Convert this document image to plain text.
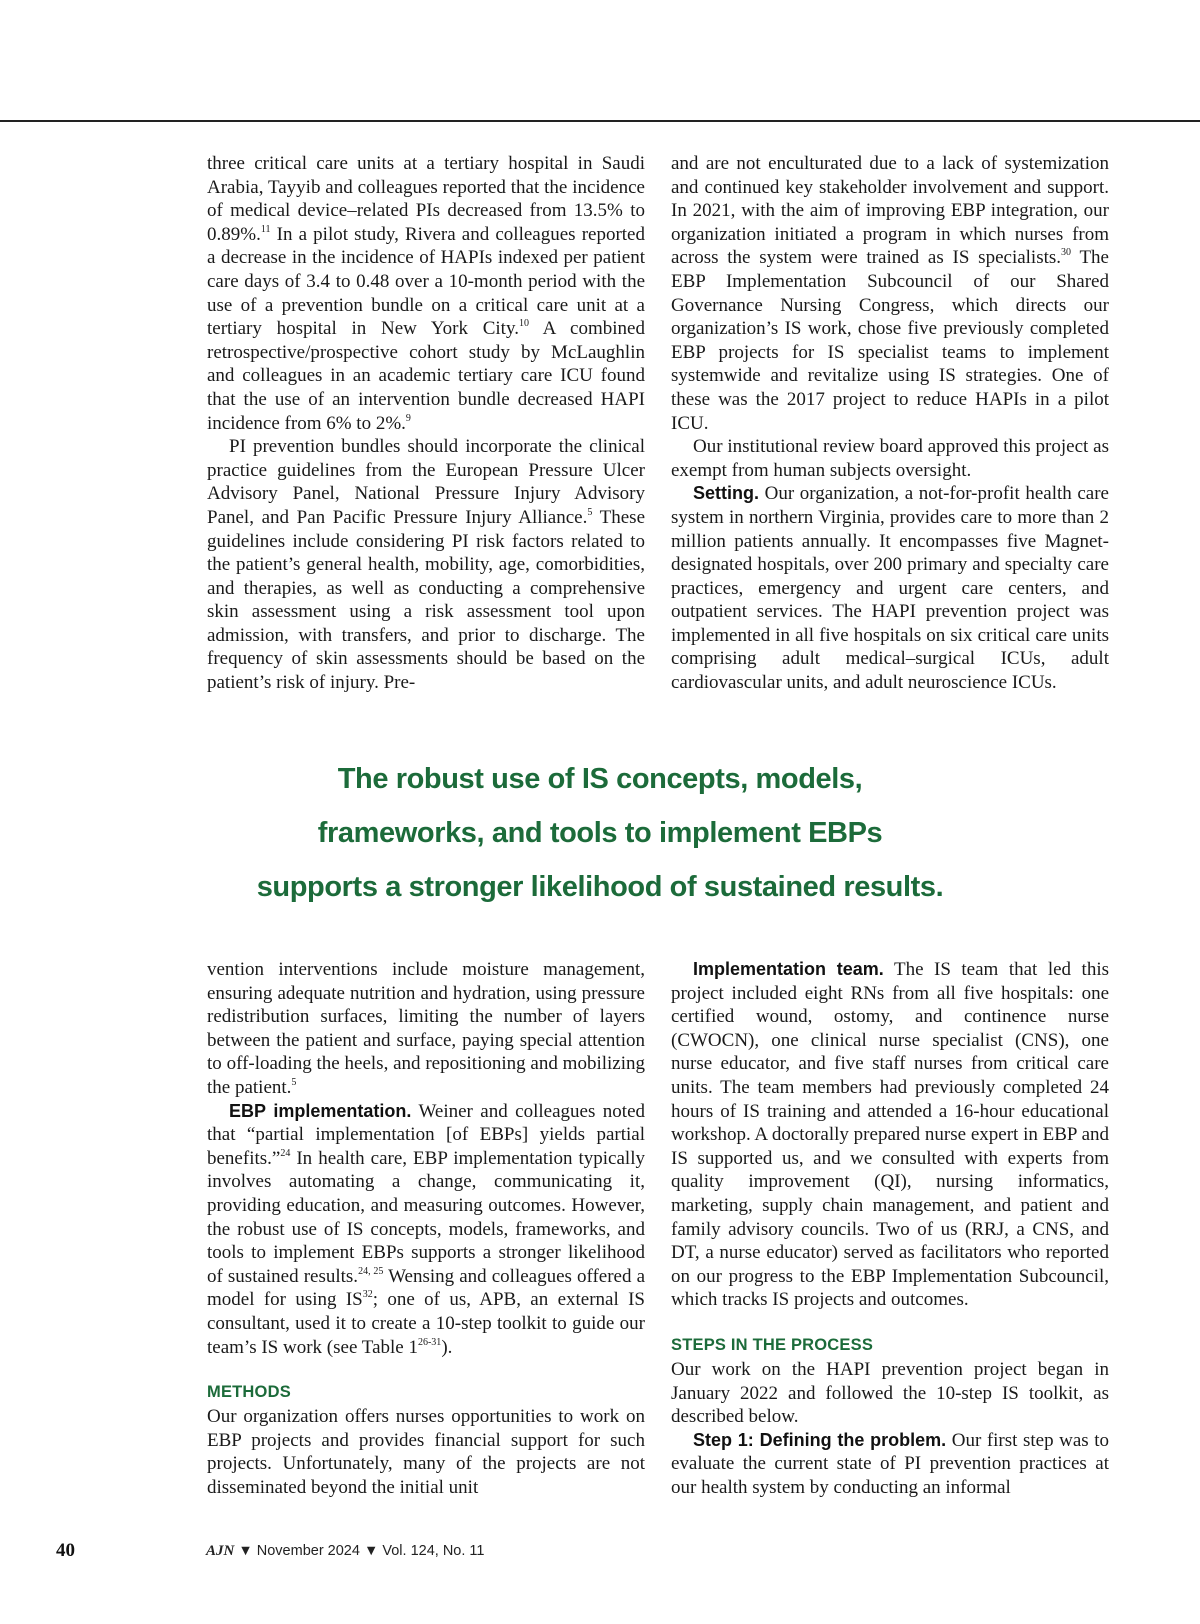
three critical care units at a tertiary hospital in Saudi Arabia, Tayyib and colleagues reported that the incidence of medical device–related PIs decreased from 13.5% to 0.89%.$^{11}$ In a pilot study, Rivera and colleagues reported a decrease in the incidence of HAPIs indexed per patient care days of 3.4 to 0.48 over a 10-month period with the use of a prevention bundle on a critical care unit at a tertiary hospital in New York City.$^{10}$ A combined retrospective/prospective cohort study by McLaughlin and colleagues in an academic tertiary care ICU found that the use of an intervention bundle decreased HAPI incidence from 6% to 2%.$^9$

PI prevention bundles should incorporate the clinical practice guidelines from the European Pressure Ulcer Advisory Panel, National Pressure Injury Advisory Panel, and Pan Pacific Pressure Injury Alliance.$^5$ These guidelines include considering PI risk factors related to the patient’s general health, mobility, age, comorbidities, and therapies, as well as conducting a comprehensive skin assessment using a risk assessment tool upon admission, with transfers, and prior to discharge. The frequency of skin assessments should be based on the patient’s risk of injury. Pre-

and are not enculturated due to a lack of systemization and continued key stakeholder involvement and support. In 2021, with the aim of improving EBP integration, our organization initiated a program in which nurses from across the system were trained as IS specialists.$^{30}$ The EBP Implementation Subcouncil of our Shared Governance Nursing Congress, which directs our organization’s IS work, chose five previously completed EBP projects for IS specialist teams to implement systemwide and revitalize using IS strategies. One of these was the 2017 project to reduce HAPIs in a pilot ICU.

Our institutional review board approved this project as exempt from human subjects oversight.

Setting. Our organization, a not-for-profit health care system in northern Virginia, provides care to more than 2 million patients annually. It encompasses five Magnet-designated hospitals, over 200 primary and specialty care practices, emergency and urgent care centers, and outpatient services. The HAPI prevention project was implemented in all five hospitals on six critical care units comprising adult medical–surgical ICUs, adult cardiovascular units, and adult neuroscience ICUs.

The robust use of IS concepts, models,
frameworks, and tools to implement EBPs
supports a stronger likelihood of sustained results.

vention interventions include moisture management, ensuring adequate nutrition and hydration, using pressure redistribution surfaces, limiting the number of layers between the patient and surface, paying special attention to off-loading the heels, and repositioning and mobilizing the patient.$^5$

EBP implementation. Weiner and colleagues noted that “partial implementation [of EBPs] yields partial benefits.”$^{24}$ In health care, EBP implementation typically involves automating a change, communicating it, providing education, and measuring outcomes. However, the robust use of IS concepts, models, frameworks, and tools to implement EBPs supports a stronger likelihood of sustained results.$^{24, 25}$ Wensing and colleagues offered a model for using IS$^{32}$; one of us, APB, an external IS consultant, used it to create a 10-step toolkit to guide our team’s IS work (see Table 1$^{26-31}$).

METHODS

Our organization offers nurses opportunities to work on EBP projects and provides financial support for such projects. Unfortunately, many of the projects are not disseminated beyond the initial unit

Implementation team. The IS team that led this project included eight RNs from all five hospitals: one certified wound, ostomy, and continence nurse (CWOCN), one clinical nurse specialist (CNS), one nurse educator, and five staff nurses from critical care units. The team members had previously completed 24 hours of IS training and attended a 16-hour educational workshop. A doctorally prepared nurse expert in EBP and IS supported us, and we consulted with experts from quality improvement (QI), nursing informatics, marketing, supply chain management, and patient and family advisory councils. Two of us (RRJ, a CNS, and DT, a nurse educator) served as facilitators who reported on our progress to the EBP Implementation Subcouncil, which tracks IS projects and outcomes.

STEPS IN THE PROCESS

Our work on the HAPI prevention project began in January 2022 and followed the 10-step IS toolkit, as described below.

Step 1: Defining the problem. Our first step was to evaluate the current state of PI prevention practices at our health system by conducting an informal

40	AJN ▼ November 2024 ▼ Vol. 124, No. 11
